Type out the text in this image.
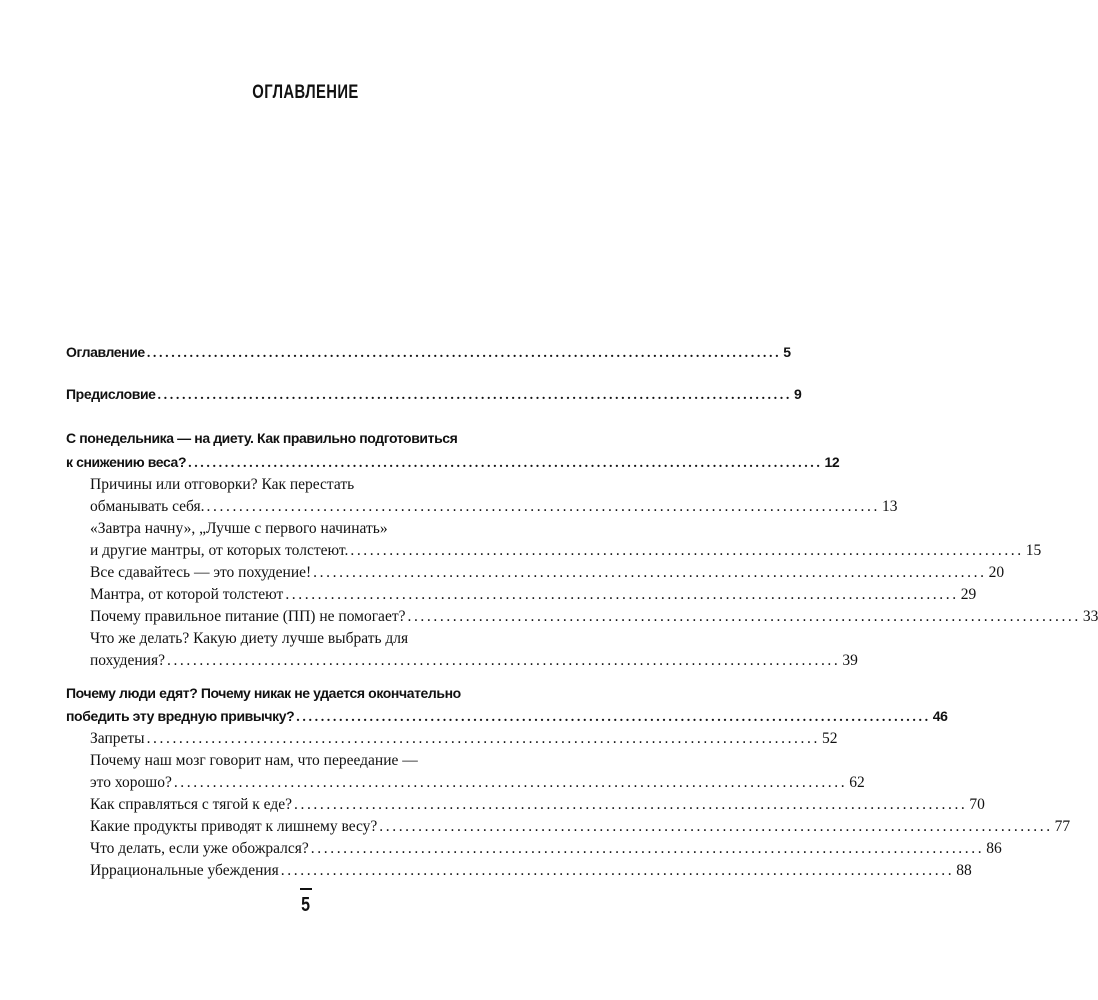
ОГЛАВЛЕНИЕ
Оглавление ........................................................................................................ 5
Предисловие ........................................................................................................ 9
С понедельника — на диету. Как правильно подготовиться
к снижению веса? ........................................................................................................ 12
Причины или отговорки? Как перестать
обманывать себя. ........................................................................................................ 13
«Завтра начну», „Лучше с первого начинать»
и другие мантры, от которых толстеют. ........................................................................................................ 15
Все сдавайтесь — это похудение! ........................................................................................................ 20
Мантра, от которой толстеют ........................................................................................................ 29
Почему правильное питание (ПП) не помогает? ........................................................................................................ 33
Что же делать? Какую диету лучше выбрать для
похудения? ........................................................................................................ 39
Почему люди едят? Почему никак не удается окончательно
победить эту вредную привычку? ........................................................................................................ 46
Запреты ........................................................................................................ 52
Почему наш мозг говорит нам, что переедание —
это хорошо? ........................................................................................................ 62
Как справляться с тягой к еде? ........................................................................................................ 70
Какие продукты приводят к лишнему весу? ........................................................................................................ 77
Что делать, если уже обожрался? ........................................................................................................ 86
Иррациональные убеждения ........................................................................................................ 88
5
